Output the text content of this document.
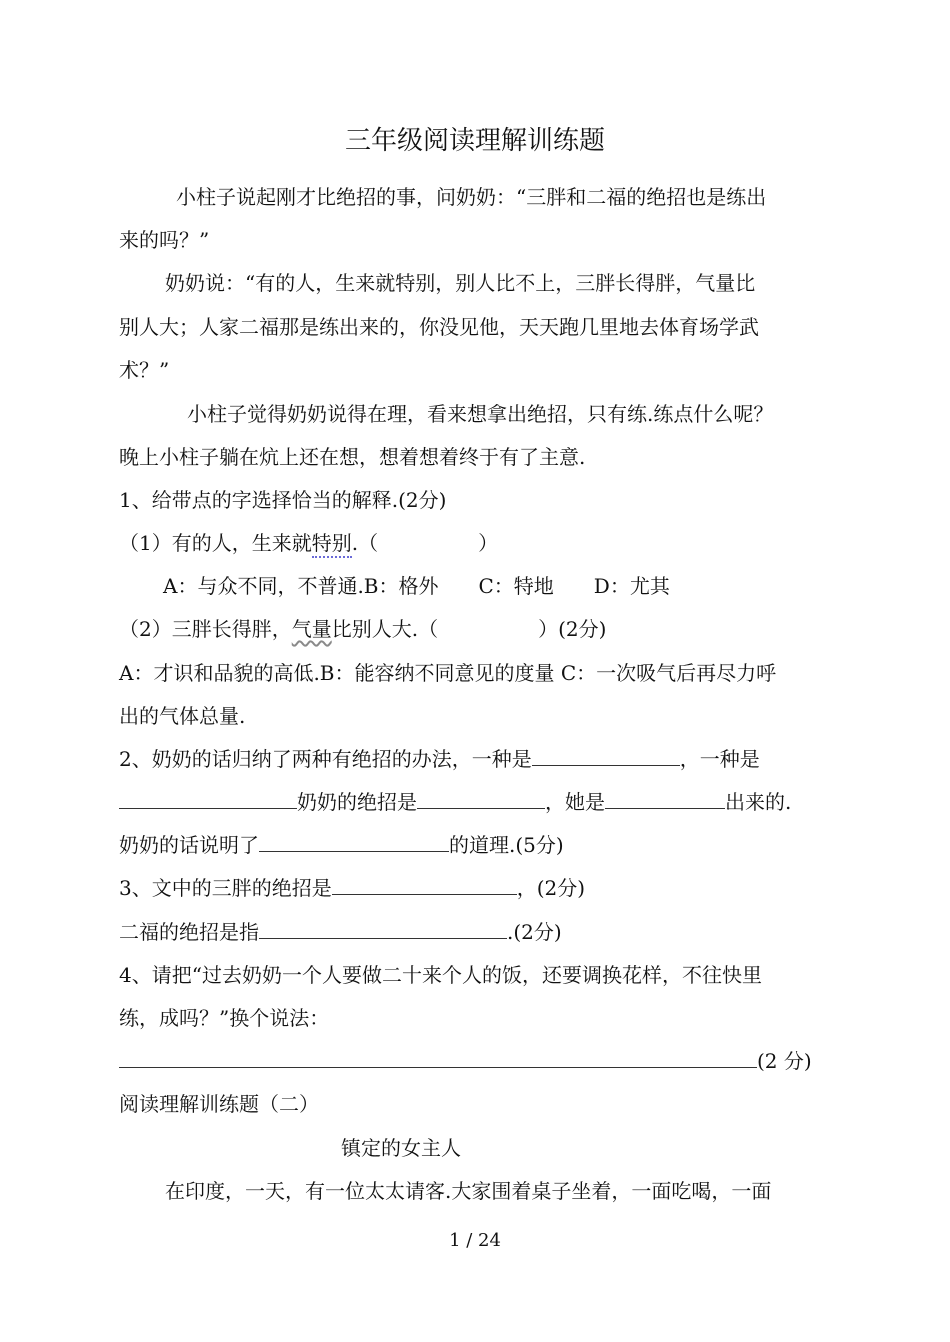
三年级阅读理解训练题
小柱子说起刚才比绝招的事，问奶奶：“三胖和二福的绝招也是练出
来的吗？”
奶奶说：“有的人，生来就特别，别人比不上，三胖长得胖，气量比
别人大；人家二福那是练出来的，你没见他，天天跑几里地去体育场学武
术？”
小柱子觉得奶奶说得在理，看来想拿出绝招，只有练.练点什么呢？
晚上小柱子躺在炕上还在想，想着想着终于有了主意.
1、给带点的字选择恰当的解释.(2分)
（1）有的人，生来就特别.（　　　　　）
A：与众不同，不普通.B：格外　　C：特地　　D：尤其
（2）三胖长得胖，气量比别人大.（　　　　　）(2分)
A：才识和品貌的高低.B：能容纳不同意见的度量 C：一次吸气后再尽力呼
出的气体总量.
2、奶奶的话归纳了两种有绝招的办法，一种是	，一种是
奶奶的绝招是	，她是	出来的.
奶奶的话说明了	的道理.(5分)
3、文中的三胖的绝招是	，(2分)
二福的绝招是指	.(2分)
4、请把“过去奶奶一个人要做二十来个人的饭，还要调换花样，不往快里
练，成吗？”换个说法：
(2 分)
阅读理解训练题（二）
镇定的女主人
在印度，一天，有一位太太请客.大家围着桌子坐着，一面吃喝，一面
1 / 24
